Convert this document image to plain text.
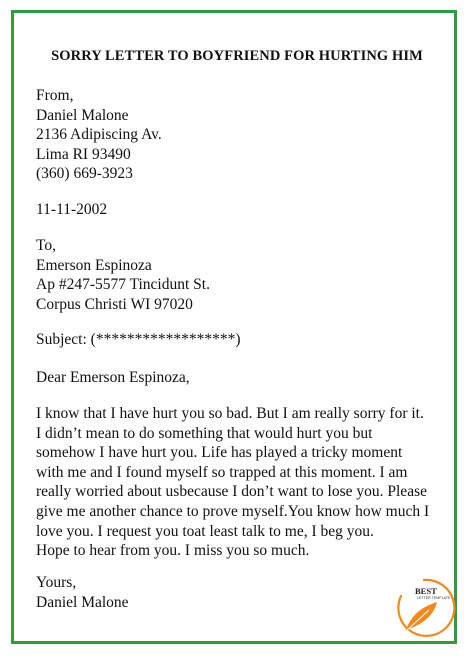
SORRY LETTER TO BOYFRIEND FOR HURTING HIM
From,
Daniel Malone
2136 Adipiscing Av.
Lima RI 93490
(360) 669-3923
11-11-2002
To,
Emerson Espinoza
Ap #247-5577 Tincidunt St.
Corpus Christi WI 97020
Subject: (******************)
Dear Emerson Espinoza,
I know that I have hurt you so bad. But I am really sorry for it.
I didn’t mean to do something that would hurt you but
somehow I have hurt you. Life has played a tricky moment
with me and I found myself so trapped at this moment. I am
really worried about usbecause I don’t want to lose you. Please
give me another chance to prove myself.You know how much I
love you. I request you toat least talk to me, I beg you.
Hope to hear from you. I miss you so much.
Yours,
Daniel Malone
BEST
LETTER TEMPLATE
